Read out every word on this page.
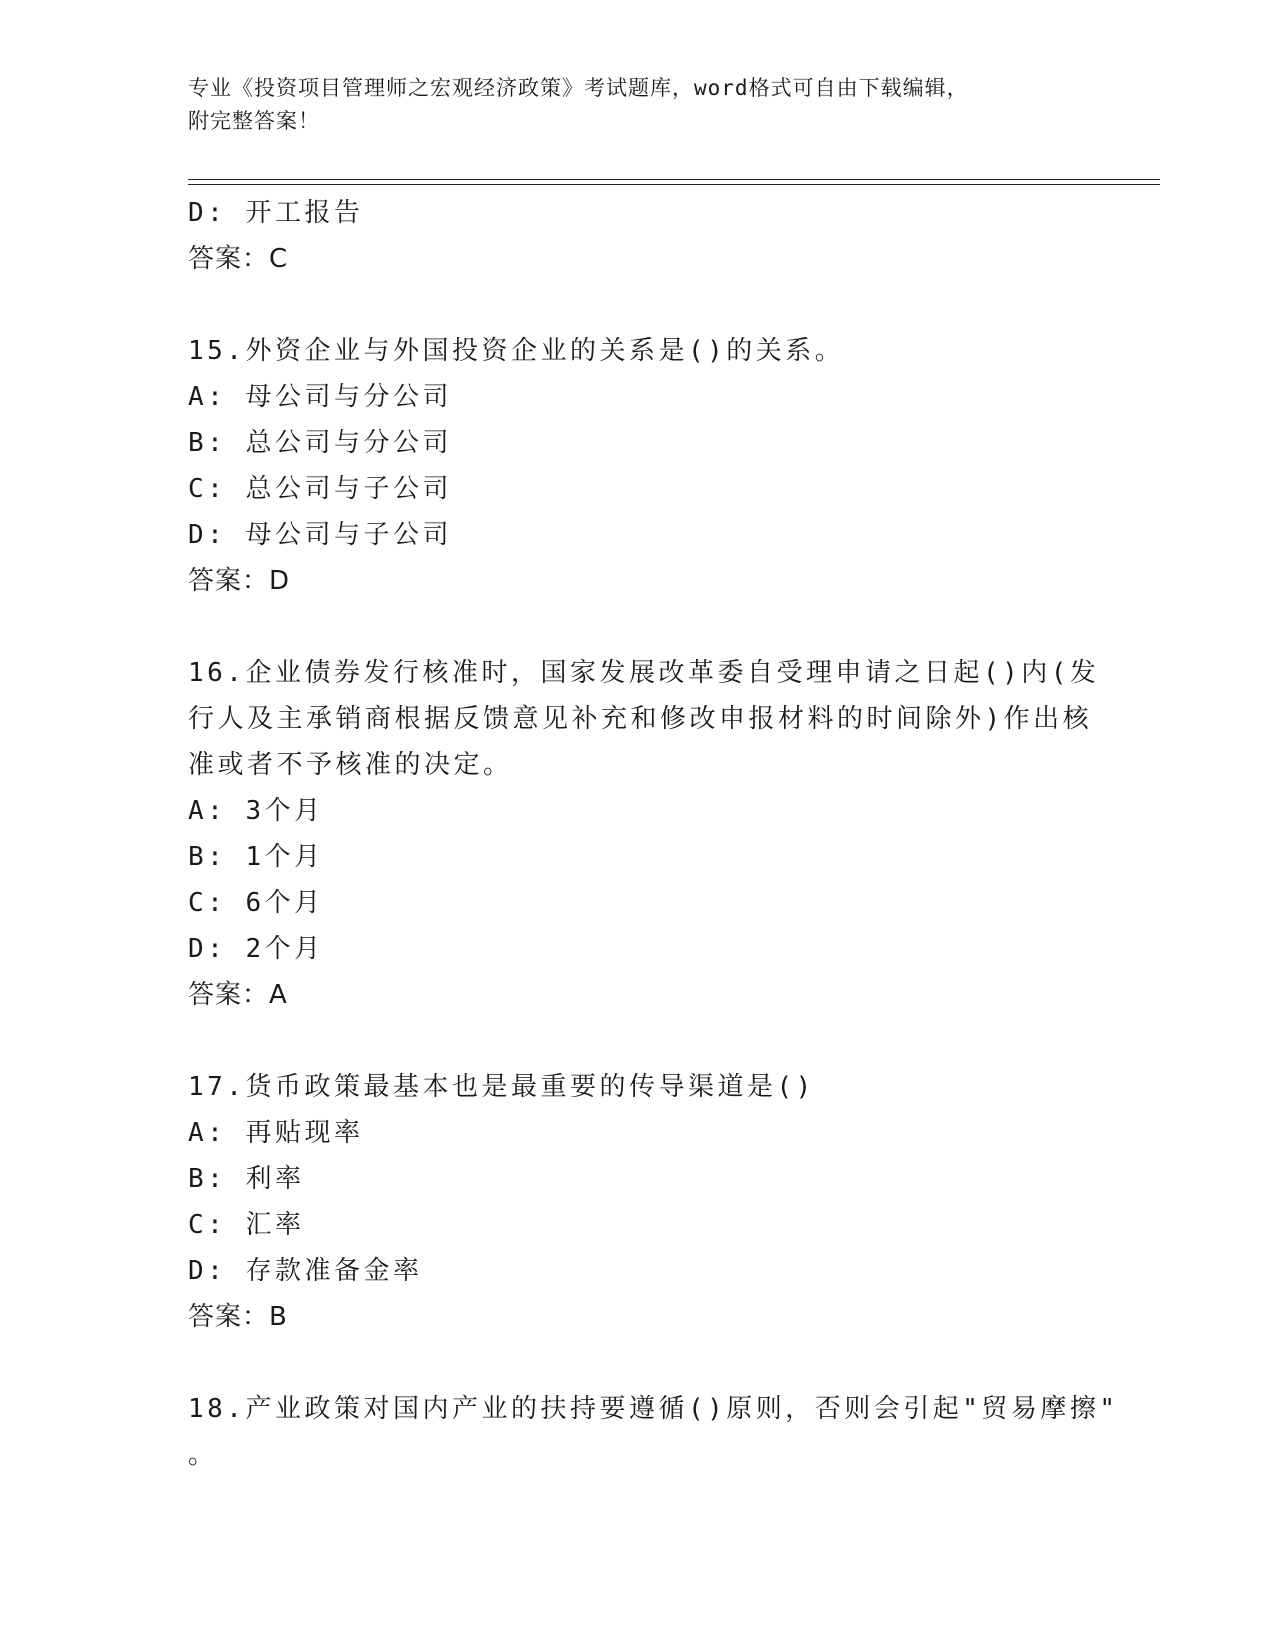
专业《投资项目管理师之宏观经济政策》考试题库，word格式可自由下载编辑，
附完整答案！
D: 开工报告
答案：C
15.外资企业与外国投资企业的关系是()的关系。
A: 母公司与分公司
B: 总公司与分公司
C: 总公司与子公司
D: 母公司与子公司
答案：D
16.企业债券发行核准时，国家发展改革委自受理申请之日起()内(发
行人及主承销商根据反馈意见补充和修改申报材料的时间除外)作出核
准或者不予核准的决定。
A: 3个月
B: 1个月
C: 6个月
D: 2个月
答案：A
17.货币政策最基本也是最重要的传导渠道是()
A: 再贴现率
B: 利率
C: 汇率
D: 存款准备金率
答案：B
18.产业政策对国内产业的扶持要遵循()原则，否则会引起"贸易摩擦"
。
